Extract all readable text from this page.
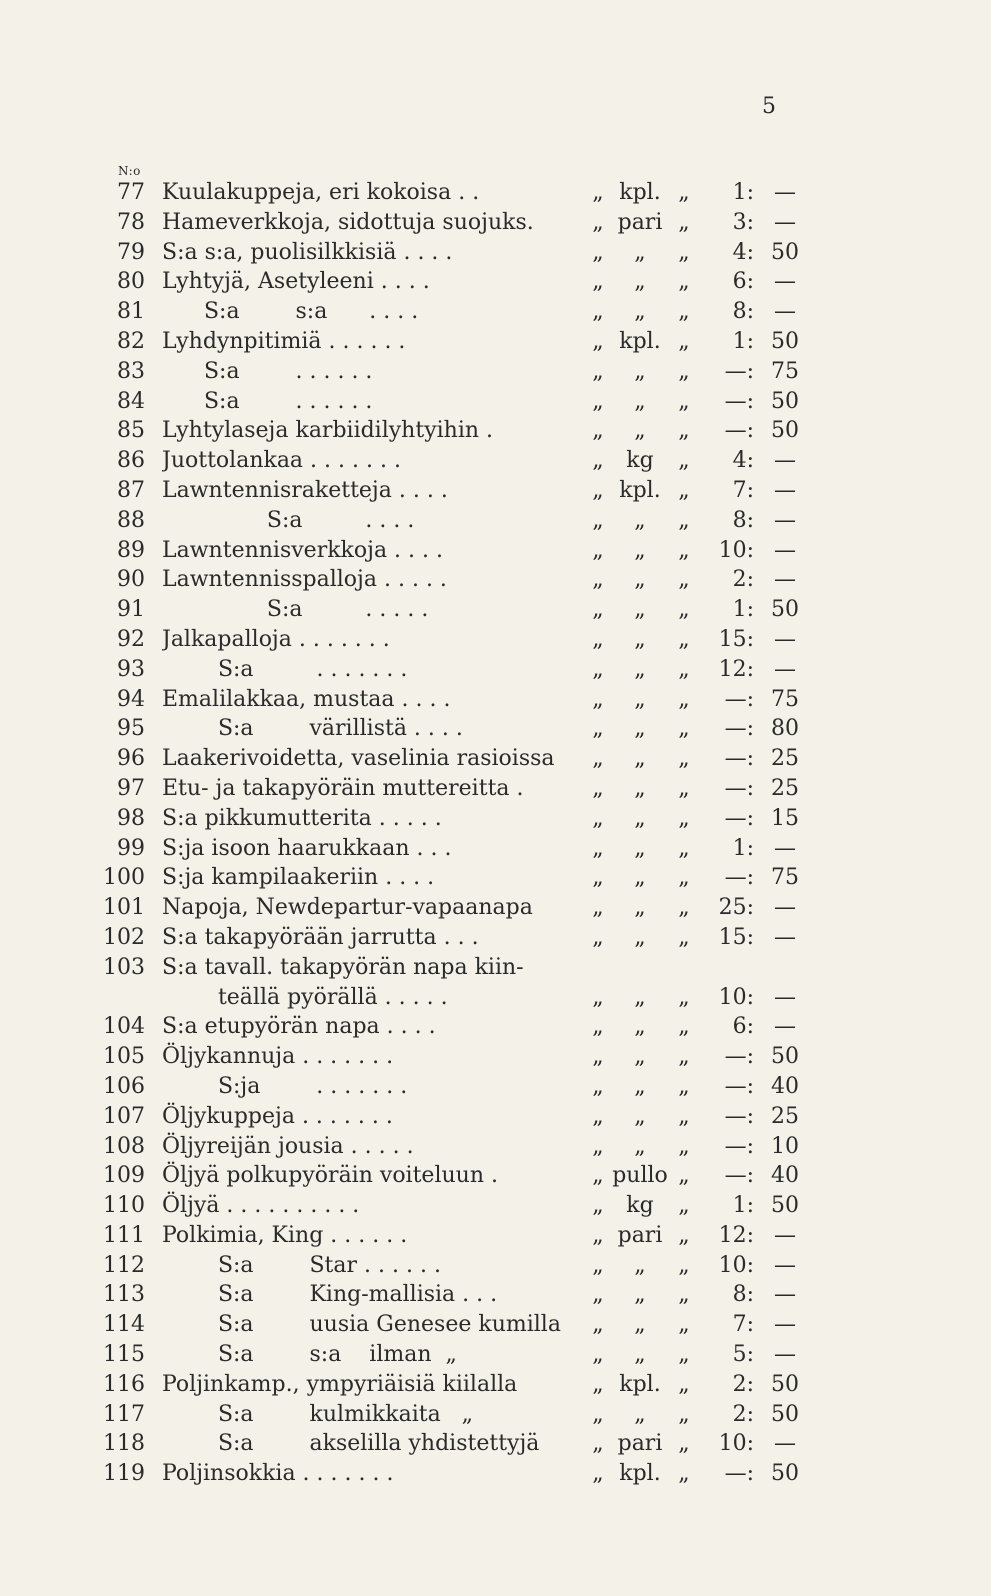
5
N:o
77 Kuulakuppeja, eri kokoisa . .	„ kpl. „	1: —
78 Hameverkkoja, sidottuja suojuks.	„ pari „	3: —
79 S:a s:a, puolisilkkisiä . . . .	„	„	„	4: 50
80 Lyhtyjä, Asetyleeni . . . .	„	„	„	6: —
81 S:a        s:a      . . . .	„	„	„	8: —
82 Lyhdynpitimiä . . . . . .	„ kpl. „	1: 50
83 S:a        . . . . . .	„	„	„	—: 75
84 S:a        . . . . . .	„	„	„	—: 50
85 Lyhtylaseja karbiidilyhtyihin .	„	„	„	—: 50
86 Juottolankaa . . . . . . .	„	kg	„	4: —
87 Lawntennisraketteja . . . .	„ kpl. „	7: —
88 S:a         . . . .	„	„	„	8: —
89 Lawntennisverkkoja . . . .	„	„	„	10: —
90 Lawntennisspalloja . . . . .	„	„	„	2: —
91 S:a         . . . . .	„	„	„	1: 50
92 Jalkapalloja . . . . . . .	„	„	„	15: —
93 S:a         . . . . . . .	„	„	„	12: —
94 Emalilakkaa, mustaa . . . .	„	„	„	—: 75
95 S:a        värillistä . . . .	„	„	„	—: 80
96 Laakerivoidetta, vaselinia rasioissa	„	„	„	—: 25
97 Etu- ja takapyöräin muttereitta .	„	„	„	—: 25
98 S:a pikkumutterita . . . . .	„	„	„	—: 15
99 S:ja isoon haarukkaan . . .	„	„	„	1: —
100 S:ja kampilaakeriin . . . .	„	„	„	—: 75
101 Napoja, Newdepartur-vapaanapa	„	„	„	25: —
102 S:a takapyörään jarrutta . . .	„	„	„	15: —
103 S:a tavall. takapyörän napa kiin-
teällä pyörällä . . . . .	„	„	„	10: —
104 S:a etupyörän napa . . . .	„	„	„	6: —
105 Öljykannuja . . . . . . .	„	„	„	—: 50
106 S:ja        . . . . . . .	„	„	„	—: 40
107 Öljykuppeja . . . . . . .	„	„	„	—: 25
108 Öljyreijän jousia . . . . .	„	„	„	—: 10
109 Öljyä polkupyöräin voiteluun .	„ pullo „	—: 40
110 Öljyä . . . . . . . . . .	„	kg	„	1: 50
111 Polkimia, King . . . . . .	„ pari „	12: —
112 S:a        Star . . . . . .	„	„	„	10: —
113 S:a        King-mallisia . . .	„	„	„	8: —
114 S:a        uusia Genesee kumilla	„	„	„	7: —
115 S:a        s:a    ilman  „	„	„	„	5: —
116 Poljinkamp., ympyriäisiä kiilalla	„ kpl. „	2: 50
117 S:a        kulmikkaita   „	„	„	„	2: 50
118 S:a        akselilla yhdistettyjä	„ pari „	10: —
119 Poljinsokkia . . . . . . .	„ kpl. „	—: 50
